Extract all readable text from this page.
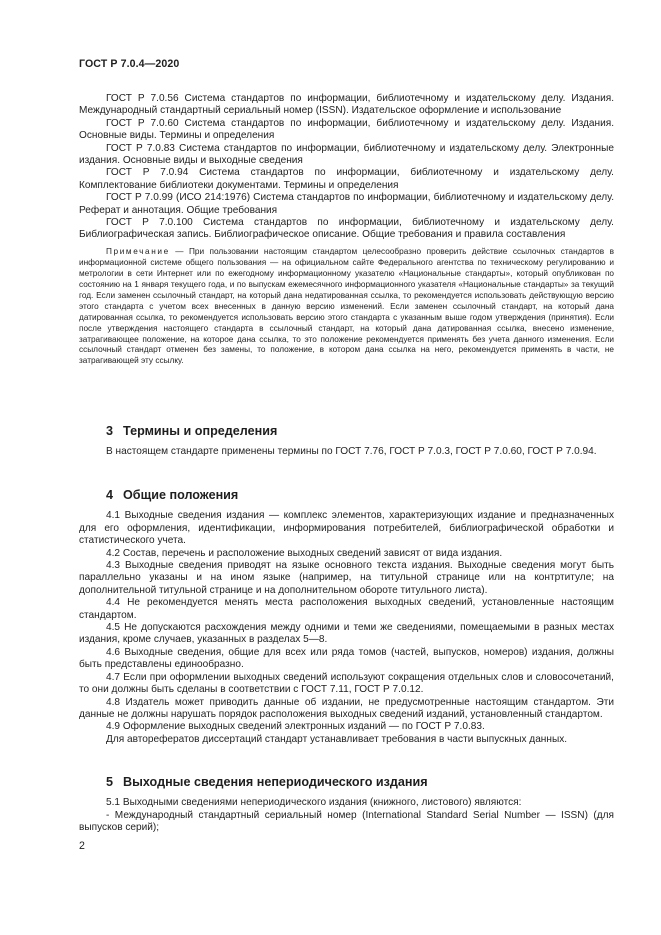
ГОСТ Р 7.0.4—2020

ГОСТ Р 7.0.56 Система стандартов по информации, библиотечному и издательскому делу. Издания. Международный стандартный сериальный номер (ISSN). Издательское оформление и использование

ГОСТ Р 7.0.60 Система стандартов по информации, библиотечному и издательскому делу. Издания. Основные виды. Термины и определения

ГОСТ Р 7.0.83 Система стандартов по информации, библиотечному и издательскому делу. Электронные издания. Основные виды и выходные сведения

ГОСТ Р 7.0.94 Система стандартов по информации, библиотечному и издательскому делу. Комплектование библиотеки документами. Термины и определения

ГОСТ Р 7.0.99 (ИСО 214:1976) Система стандартов по информации, библиотечному и издательскому делу. Реферат и аннотация. Общие требования

ГОСТ Р 7.0.100 Система стандартов по информации, библиотечному и издательскому делу. Библиографическая запись. Библиографическое описание. Общие требования и правила составления

Примечание — При пользовании настоящим стандартом целесообразно проверить действие ссылочных стандартов в информационной системе общего пользования — на официальном сайте Федерального агентства по техническому регулированию и метрологии в сети Интернет или по ежегодному информационному указателю «Национальные стандарты», который опубликован по состоянию на 1 января текущего года, и по выпускам ежемесячного информационного указателя «Национальные стандарты» за текущий год. Если заменен ссылочный стандарт, на который дана недатированная ссылка, то рекомендуется использовать действующую версию этого стандарта с учетом всех внесенных в данную версию изменений. Если заменен ссылочный стандарт, на который дана датированная ссылка, то рекомендуется использовать версию этого стандарта с указанным выше годом утверждения (принятия). Если после утверждения настоящего стандарта в ссылочный стандарт, на который дана датированная ссылка, внесено изменение, затрагивающее положение, на которое дана ссылка, то это положение рекомендуется применять без учета данного изменения. Если ссылочный стандарт отменен без замены, то положение, в котором дана ссылка на него, рекомендуется применять в части, не затрагивающей эту ссылку.

3 Термины и определения

В настоящем стандарте применены термины по ГОСТ 7.76, ГОСТ Р 7.0.3, ГОСТ Р 7.0.60, ГОСТ Р 7.0.94.

4 Общие положения

4.1 Выходные сведения издания — комплекс элементов, характеризующих издание и предназначенных для его оформления, идентификации, информирования потребителей, библиографической обработки и статистического учета.

4.2 Состав, перечень и расположение выходных сведений зависят от вида издания.

4.3 Выходные сведения приводят на языке основного текста издания. Выходные сведения могут быть параллельно указаны и на ином языке (например, на титульной странице или на контртитуле; на дополнительной титульной странице и на дополнительном обороте титульного листа).

4.4 Не рекомендуется менять места расположения выходных сведений, установленные настоящим стандартом.

4.5 Не допускаются расхождения между одними и теми же сведениями, помещаемыми в разных местах издания, кроме случаев, указанных в разделах 5—8.

4.6 Выходные сведения, общие для всех или ряда томов (частей, выпусков, номеров) издания, должны быть представлены единообразно.

4.7 Если при оформлении выходных сведений используют сокращения отдельных слов и словосочетаний, то они должны быть сделаны в соответствии с ГОСТ 7.11, ГОСТ Р 7.0.12.

4.8 Издатель может приводить данные об издании, не предусмотренные настоящим стандартом. Эти данные не должны нарушать порядок расположения выходных сведений изданий, установленный стандартом.

4.9 Оформление выходных сведений электронных изданий — по ГОСТ Р 7.0.83.

Для авторефератов диссертаций стандарт устанавливает требования в части выпускных данных.

5 Выходные сведения непериодического издания

5.1 Выходными сведениями непериодического издания (книжного, листового) являются:

- Международный стандартный сериальный номер (International Standard Serial Number — ISSN) (для выпусков серий);

2
